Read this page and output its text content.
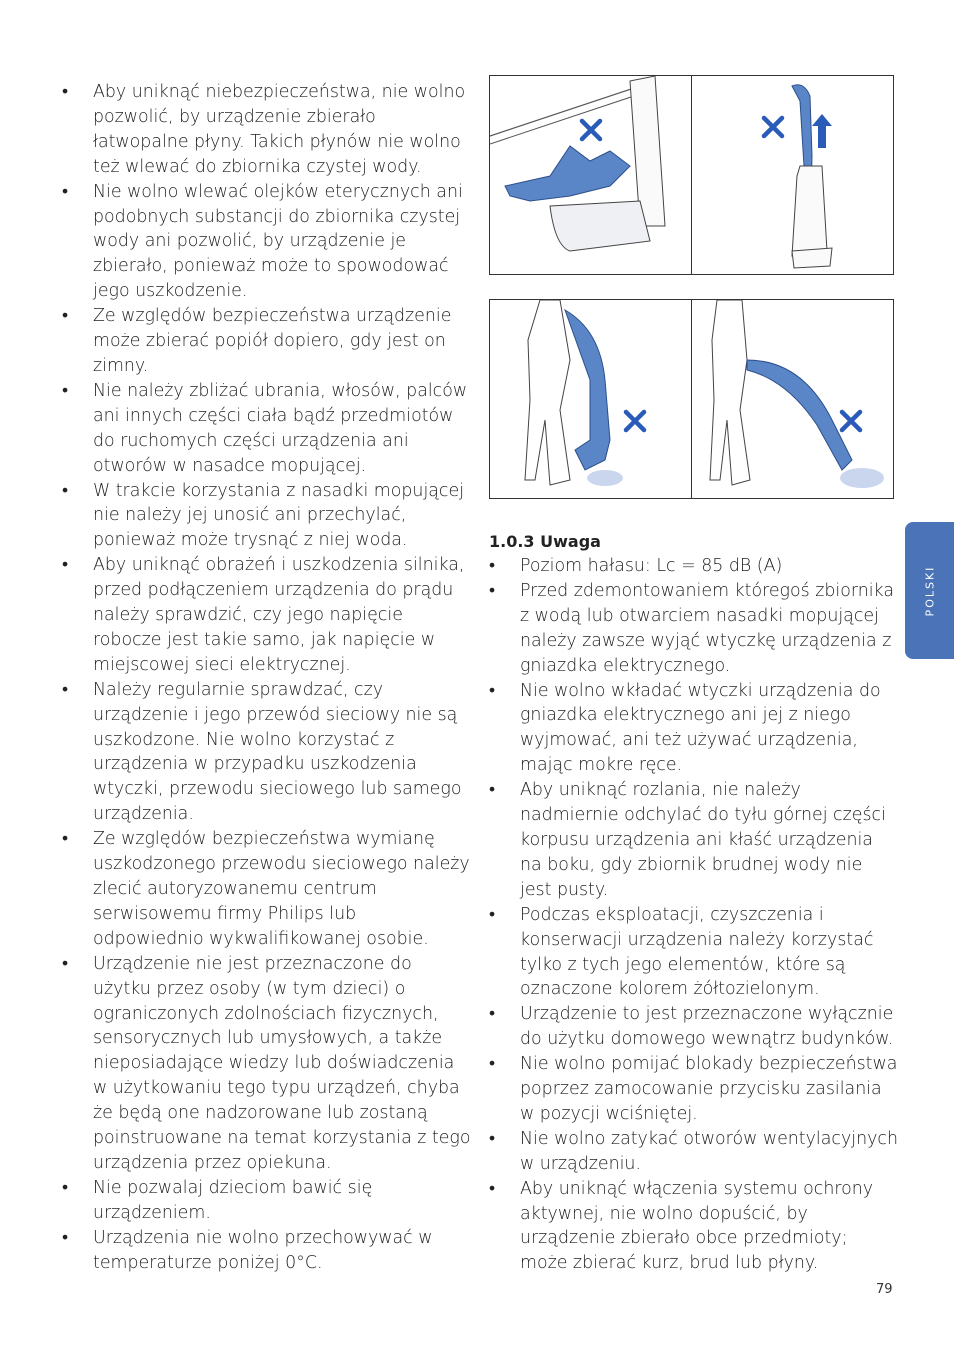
• Aby uniknąć niebezpieczeństwa, nie wolno pozwolić, by urządzenie zbierało łatwopalne płyny. Takich płynów nie wolno też wlewać do zbiornika czystej wody.
• Nie wolno wlewać olejków eterycznych ani podobnych substancji do zbiornika czystej wody ani pozwolić, by urządzenie je zbierało, ponieważ może to spowodować jego uszkodzenie.
• Ze względów bezpieczeństwa urządzenie może zbierać popiół dopiero, gdy jest on zimny.
• Nie należy zbliżać ubrania, włosów, palców ani innych części ciała bądź przedmiotów do ruchomych części urządzenia ani otworów w nasadce mopującej.
• W trakcie korzystania z nasadki mopującej nie należy jej unosić ani przechylać, ponieważ może trysnąć z niej woda.
• Aby uniknąć obrażeń i uszkodzenia silnika, przed podłączeniem urządzenia do prądu należy sprawdzić, czy jego napięcie robocze jest takie samo, jak napięcie w miejscowej sieci elektrycznej.
• Należy regularnie sprawdzać, czy urządzenie i jego przewód sieciowy nie są uszkodzone. Nie wolno korzystać z urządzenia w przypadku uszkodzenia wtyczki, przewodu sieciowego lub samego urządzenia.
• Ze względów bezpieczeństwa wymianę uszkodzonego przewodu sieciowego należy zlecić autoryzowanemu centrum serwisowemu firmy Philips lub odpowiednio wykwalifikowanej osobie.
• Urządzenie nie jest przeznaczone do użytku przez osoby (w tym dzieci) o ograniczonych zdolnościach fizycznych, sensorycznych lub umysłowych, a także nieposiadające wiedzy lub doświadczenia w użytkowaniu tego typu urządzeń, chyba że będą one nadzorowane lub zostaną poinstruowane na temat korzystania z tego urządzenia przez opiekuna.
• Nie pozwalaj dzieciom bawić się urządzeniem.
• Urządzenia nie wolno przechowywać w temperaturze poniżej 0°C.
1.0.3 Uwaga
• Poziom hałasu: Lc = 85 dB (A)
• Przed zdemontowaniem któregoś zbiornika z wodą lub otwarciem nasadki mopującej należy zawsze wyjąć wtyczkę urządzenia z gniazdka elektrycznego.
• Nie wolno wkładać wtyczki urządzenia do gniazdka elektrycznego ani jej z niego wyjmować, ani też używać urządzenia, mając mokre ręce.
• Aby uniknąć rozlania, nie należy nadmiernie odchylać do tyłu górnej części korpusu urządzenia ani kłaść urządzenia na boku, gdy zbiornik brudnej wody nie jest pusty.
• Podczas eksploatacji, czyszczenia i konserwacji urządzenia należy korzystać tylko z tych jego elementów, które są oznaczone kolorem żółtozielonym.
• Urządzenie to jest przeznaczone wyłącznie do użytku domowego wewnątrz budynków.
• Nie wolno pomijać blokady bezpieczeństwa poprzez zamocowanie przycisku zasilania w pozycji wciśniętej.
• Nie wolno zatykać otworów wentylacyjnych w urządzeniu.
• Aby uniknąć włączenia systemu ochrony aktywnej, nie wolno dopuścić, by urządzenie zbierało obce przedmioty; może zbierać kurz, brud lub płyny.
POLSKI
79
